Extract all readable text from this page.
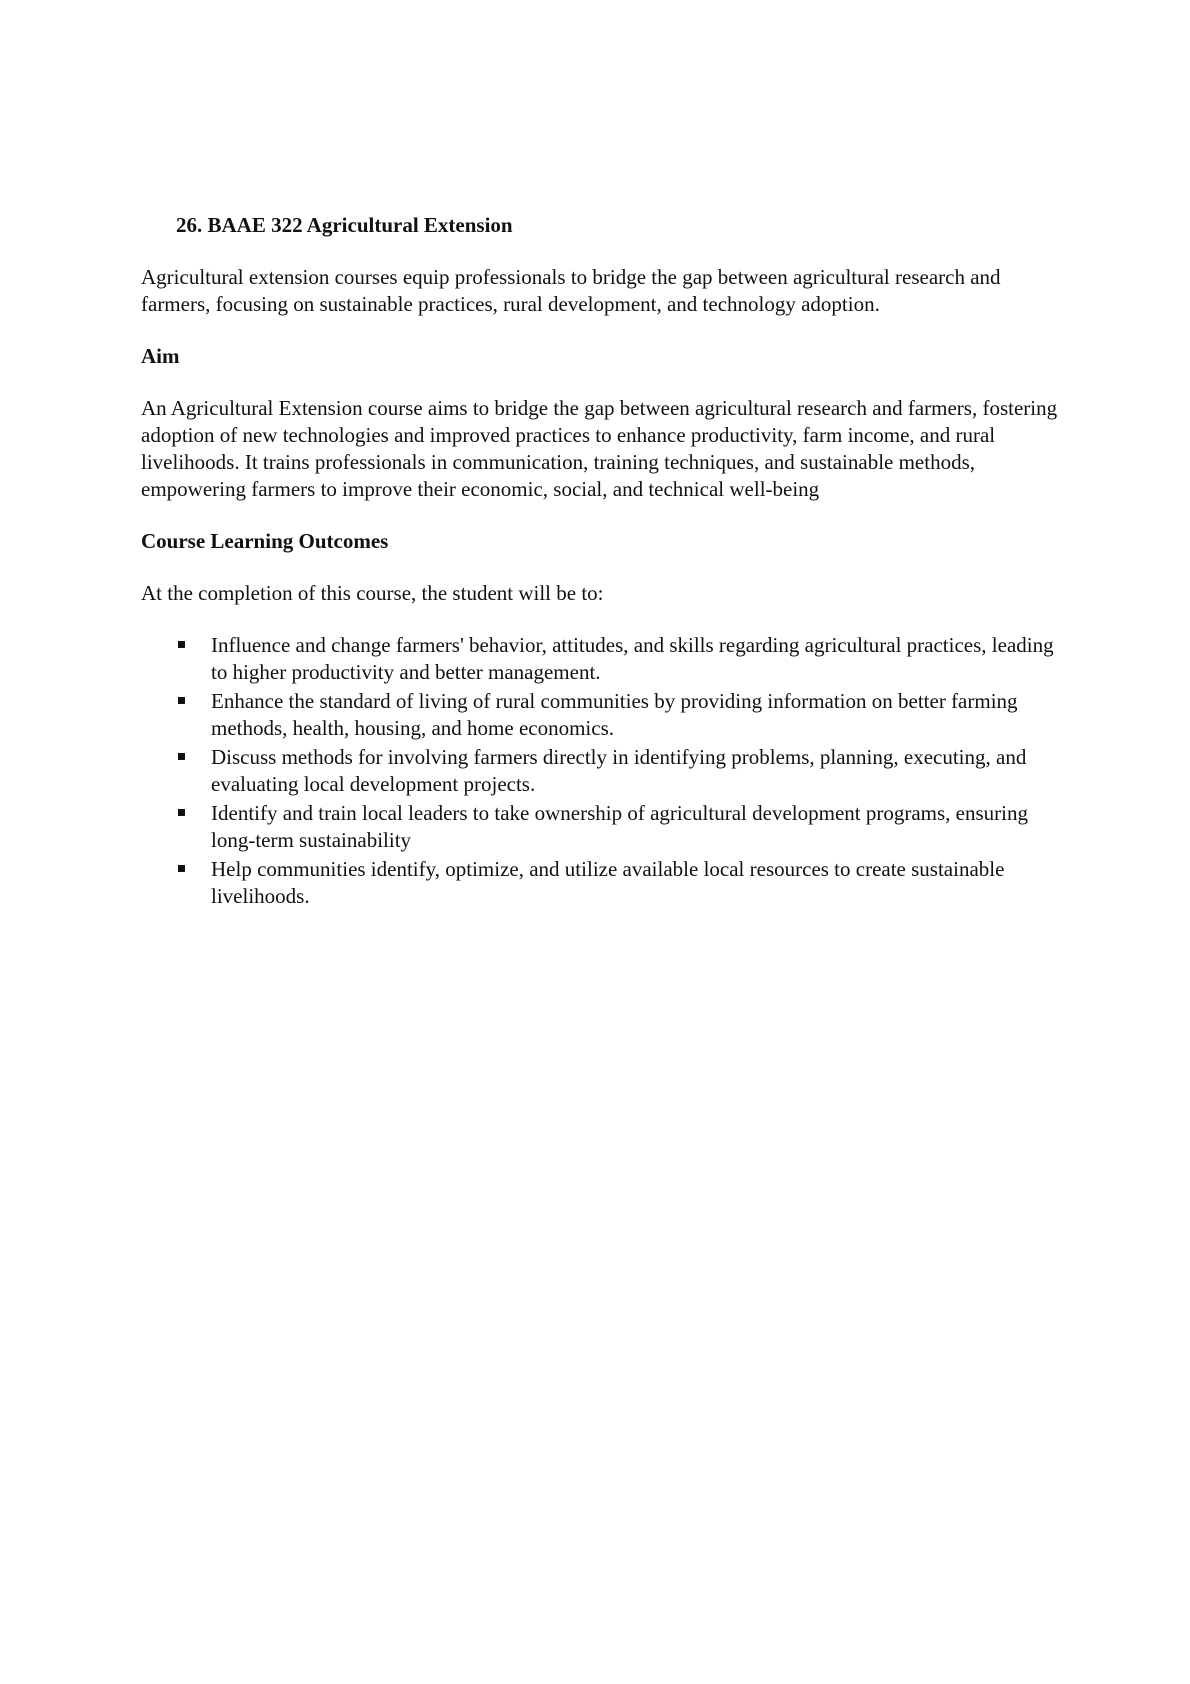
26. BAAE 322 Agricultural Extension

Agricultural extension courses equip professionals to bridge the gap between agricultural research and farmers, focusing on sustainable practices, rural development, and technology adoption.

Aim

An Agricultural Extension course aims to bridge the gap between agricultural research and farmers, fostering adoption of new technologies and improved practices to enhance productivity, farm income, and rural livelihoods. It trains professionals in communication, training techniques, and sustainable methods, empowering farmers to improve their economic, social, and technical well-being

Course Learning Outcomes

At the completion of this course, the student will be to:

Influence and change farmers' behavior, attitudes, and skills regarding agricultural practices, leading to higher productivity and better management.
Enhance the standard of living of rural communities by providing information on better farming methods, health, housing, and home economics.
Discuss methods for involving farmers directly in identifying problems, planning, executing, and evaluating local development projects.
Identify and train local leaders to take ownership of agricultural development programs, ensuring long-term sustainability
Help communities identify, optimize, and utilize available local resources to create sustainable livelihoods.
